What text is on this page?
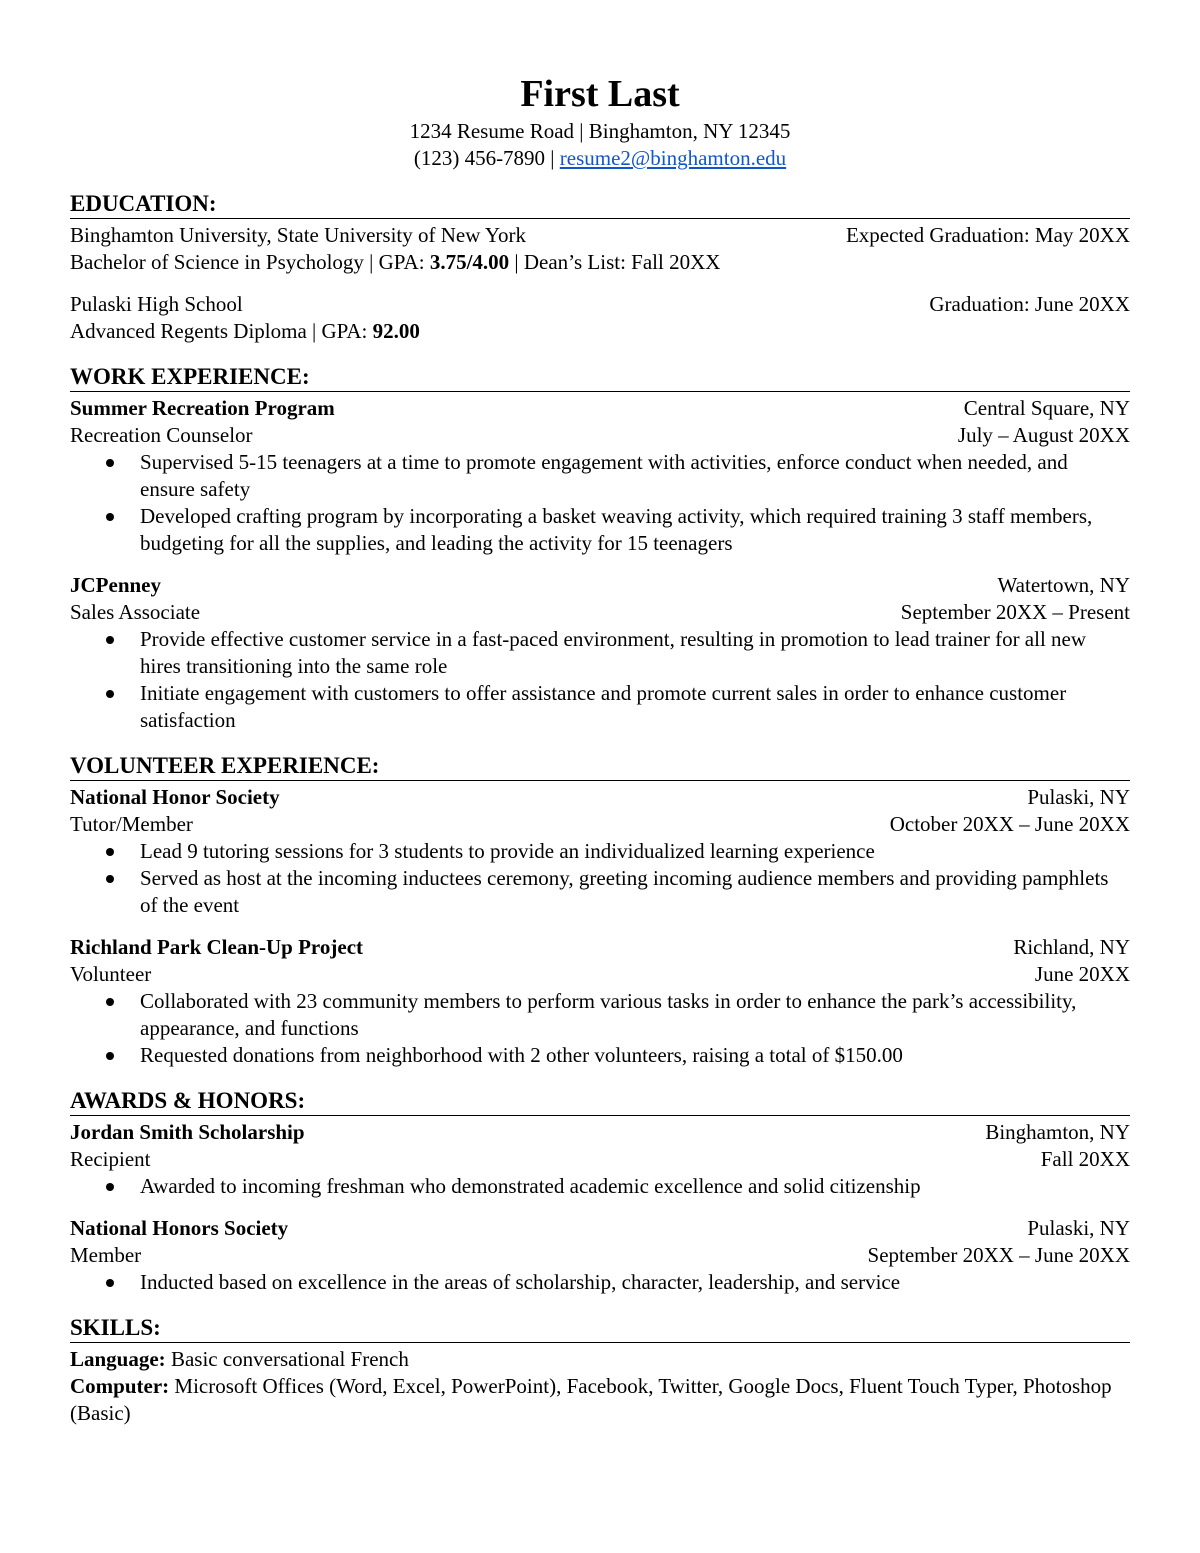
First Last
1234 Resume Road | Binghamton, NY 12345
(123) 456-7890 | resume2@binghamton.edu
EDUCATION:
Binghamton University, State University of New York	Expected Graduation: May 20XX
Bachelor of Science in Psychology | GPA: 3.75/4.00 | Dean’s List: Fall 20XX
Pulaski High School	Graduation: June 20XX
Advanced Regents Diploma | GPA: 92.00
WORK EXPERIENCE:
Summer Recreation Program	Central Square, NY
Recreation Counselor	July – August 20XX
Supervised 5-15 teenagers at a time to promote engagement with activities, enforce conduct when needed, and ensure safety
Developed crafting program by incorporating a basket weaving activity, which required training 3 staff members, budgeting for all the supplies, and leading the activity for 15 teenagers
JCPenney	Watertown, NY
Sales Associate	September 20XX – Present
Provide effective customer service in a fast-paced environment, resulting in promotion to lead trainer for all new hires transitioning into the same role
Initiate engagement with customers to offer assistance and promote current sales in order to enhance customer satisfaction
VOLUNTEER EXPERIENCE:
National Honor Society	Pulaski, NY
Tutor/Member	October 20XX – June 20XX
Lead 9 tutoring sessions for 3 students to provide an individualized learning experience
Served as host at the incoming inductees ceremony, greeting incoming audience members and providing pamphlets of the event
Richland Park Clean-Up Project	Richland, NY
Volunteer	June 20XX
Collaborated with 23 community members to perform various tasks in order to enhance the park’s accessibility, appearance, and functions
Requested donations from neighborhood with 2 other volunteers, raising a total of $150.00
AWARDS & HONORS:
Jordan Smith Scholarship	Binghamton, NY
Recipient	Fall 20XX
Awarded to incoming freshman who demonstrated academic excellence and solid citizenship
National Honors Society	Pulaski, NY
Member	September 20XX – June 20XX
Inducted based on excellence in the areas of scholarship, character, leadership, and service
SKILLS:
Language: Basic conversational French
Computer: Microsoft Offices (Word, Excel, PowerPoint), Facebook, Twitter, Google Docs, Fluent Touch Typer, Photoshop (Basic)
